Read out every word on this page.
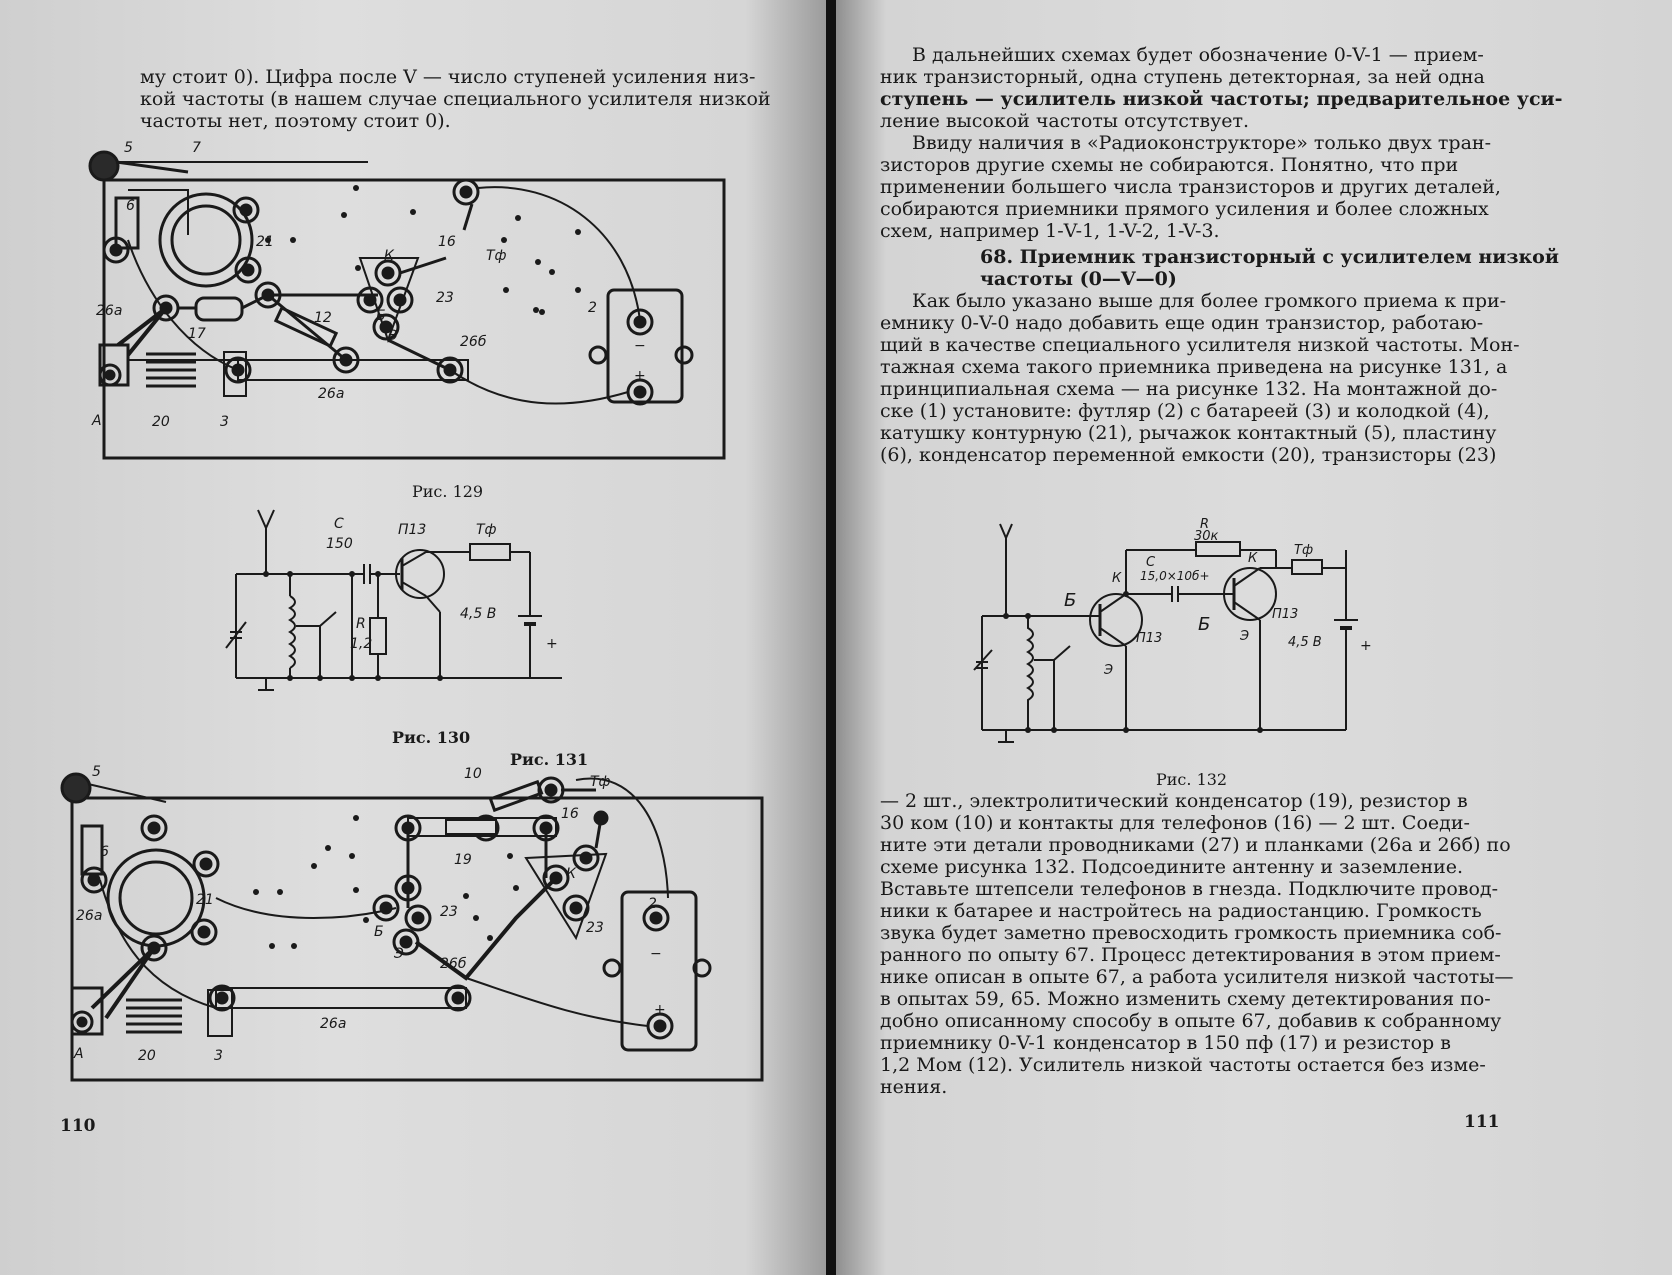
му стоит 0). Цифра после V — число ступеней усиления низ-
кой частоты (в нашем случае специального усилителя низкой
частоты нет, поэтому стоит 0).

5	7
6
21	16
Тф
К
23
Б
Э
17
12
26б
2
26а
26а
20	3
А
−
+
Рис. 129
С
150
П13	Тф
R
1,2
4,5 В
+
Рис. 130
Рис. 131
5
6
21
10
16
Тф
19
К
23
23
Б
Э
26б
2
26а
26а
20	3
А
−
+
110

В дальнейших схемах будет обозначение 0-V-1 — прием-
ник транзисторный, одна ступень детекторная, за ней одна
ступень — усилитель низкой частоты; предварительное уси-
ление высокой частоты отсутствует.
Ввиду наличия в «Радиоконструкторе» только двух тран-
зисторов другие схемы не собираются. Понятно, что при
применении большего числа транзисторов и других деталей,
собираются приемники прямого усиления и более сложных
схем, например 1-V-1, 1-V-2, 1-V-3.

68. Приемник транзисторный с усилителем низкой
частоты (0—V—0)

Как было указано выше для более громкого приема к при-
емнику 0-V-0 надо добавить еще один транзистор, работаю-
щий в качестве специального усилителя низкой частоты. Мон-
тажная схема такого приемника приведена на рисунке 131, а
принципиальная схема — на рисунке 132. На монтажной до-
ске (1) установите: футляр (2) с батареей (3) и колодкой (4),
катушку контурную (21), рычажок контактный (5), пластину
(6), конденсатор переменной емкости (20), транзисторы (23)

R
30к
С
15,0×10б+
К
К
Тф
Б
Б
П13
П13
Э
Э	4,5 В	+
Рис. 132

— 2 шт., электролитический конденсатор (19), резистор в
30 ком (10) и контакты для телефонов (16) — 2 шт. Соеди-
ните эти детали проводниками (27) и планками (26а и 26б) по
схеме рисунка 132. Подсоедините антенну и заземление.
Вставьте штепсели телефонов в гнезда. Подключите провод-
ники к батарее и настройтесь на радиостанцию. Громкость
звука будет заметно превосходить громкость приемника соб-
ранного по опыту 67. Процесс детектирования в этом прием-
нике описан в опыте 67, а работа усилителя низкой частоты—
в опытах 59, 65. Можно изменить схему детектирования по-
добно описанному способу в опыте 67, добавив к собранному
приемнику 0-V-1 конденсатор в 150 пф (17) и резистор в
1,2 Мом (12). Усилитель низкой частоты остается без изме-
нения.

111
